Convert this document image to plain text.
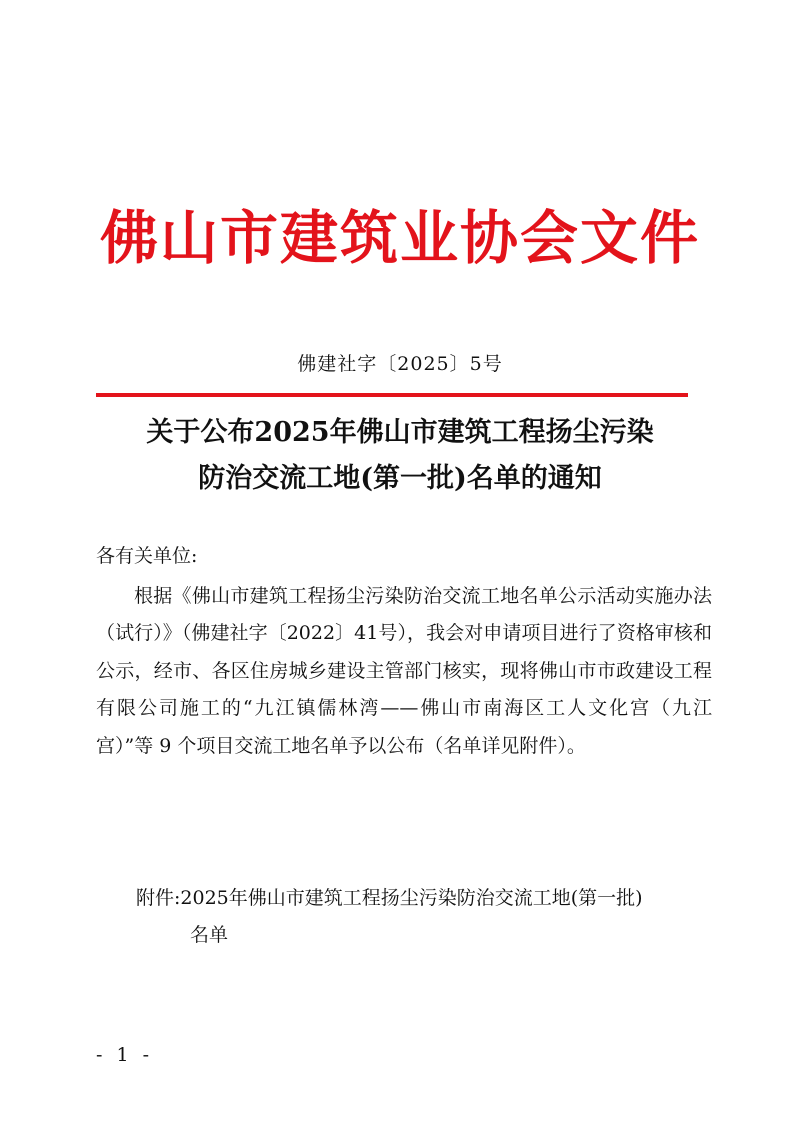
佛山市建筑业协会文件
佛建社字〔2025〕5号
关于公布2025年佛山市建筑工程扬尘污染
防治交流工地(第一批)名单的通知
各有关单位:
根据《佛山市建筑工程扬尘污染防治交流工地名单公示活动实施办法（试行）》（佛建社字〔2022〕41号），我会对申请项目进行了资格审核和公示，经市、各区住房城乡建设主管部门核实，现将佛山市市政建设工程有限公司施工的“九江镇儒林湾——佛山市南海区工人文化宫（九江宫）”等 9 个项目交流工地名单予以公布（名单详见附件）。
附件:2025年佛山市建筑工程扬尘污染防治交流工地(第一批)
名单
- 1 -
